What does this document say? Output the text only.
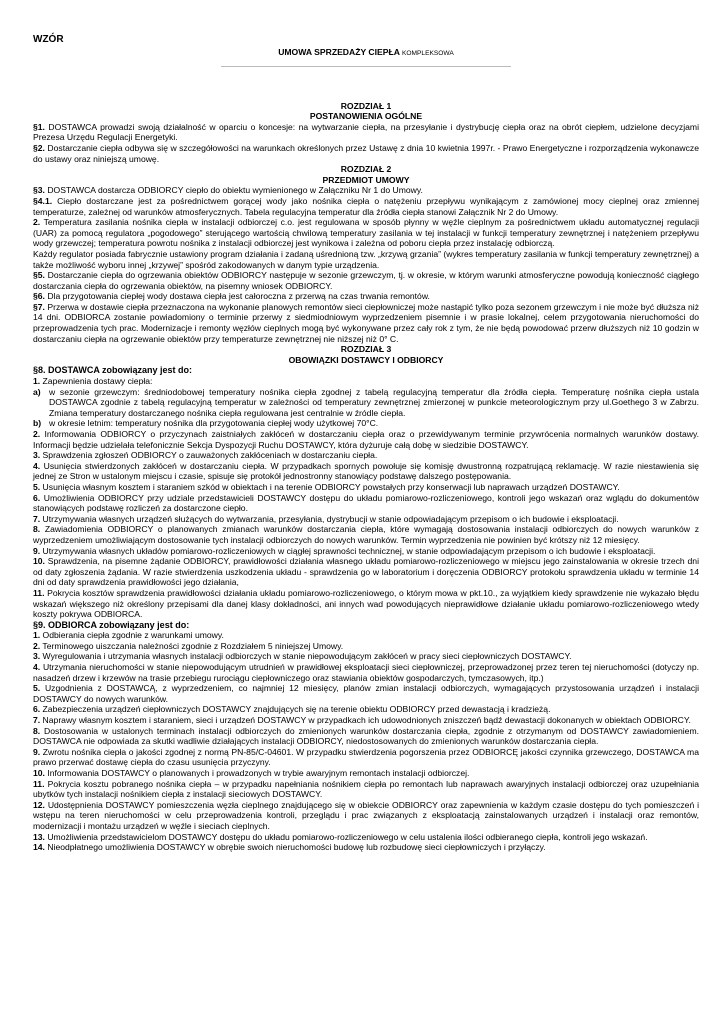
WZÓR
UMOWA SPRZEDAŻY CIEPŁA KOMPLEKSOWA
ROZDZIAŁ 1
POSTANOWIENIA OGÓLNE

§1. DOSTAWCA prowadzi swoją działalność w oparciu o koncesje: na wytwarzanie ciepła, na przesyłanie i dystrybucję ciepła oraz na obrót ciepłem, udzielone decyzjami Prezesa Urzędu Regulacji Energetyki.

§2. Dostarczanie ciepła odbywa się w szczegółowości na warunkach określonych przez Ustawę z dnia 10 kwietnia 1997r. - Prawo Energetyczne i rozporządzenia wykonawcze do ustawy oraz niniejszą umowę.

ROZDZIAŁ 2
PRZEDMIOT UMOWY

§3. DOSTAWCA dostarcza ODBIORCY ciepło do obiektu wymienionego w Załączniku Nr 1 do Umowy.

§4.1. Ciepło dostarczane jest za pośrednictwem gorącej wody jako nośnika ciepła o natężeniu przepływu wynikającym z zamówionej mocy cieplnej oraz zmiennej temperaturze, zależnej od warunków atmosferycznych. Tabela regulacyjna temperatur dla źródła ciepła stanowi Załącznik Nr 2 do Umowy.

2. Temperatura zasilania nośnika ciepła w instalacji odbiorczej c.o. jest regulowana w sposób płynny w węźle cieplnym za pośrednictwem układu automatycznej regulacji (UAR) za pomocą regulatora „pogodowego” sterującego wartością chwilową temperatury zasilania w tej instalacji w funkcji temperatury zewnętrznej i natężeniem przepływu wody grzewczej; temperatura powrotu nośnika z instalacji odbiorczej jest wynikowa i zależna od poboru ciepła przez instalację odbiorczą.

Każdy regulator posiada fabrycznie ustawiony program działania i zadaną uśrednioną tzw. „krzywą grzania” (wykres temperatury zasilania w funkcji temperatury zewnętrznej) a także możliwość wyboru innej „krzywej” spośród zakodowanych w danym typie urządzenia.

§5. Dostarczanie ciepła do ogrzewania obiektów ODBIORCY następuje w sezonie grzewczym, tj. w okresie, w którym warunki atmosferyczne powodują konieczność ciągłego dostarczania ciepła do ogrzewania obiektów, na pisemny wniosek ODBIORCY.

§6. Dla przygotowania ciepłej wody dostawa ciepła jest całoroczna z przerwą na czas trwania remontów.

§7. Przerwa w dostawie ciepła przeznaczona na wykonanie planowych remontów sieci ciepłowniczej może nastąpić tylko poza sezonem grzewczym i nie może być dłuższa niż 14 dni. ODBIORCA zostanie powiadomiony o terminie przerwy z siedmiodniowym wyprzedzeniem pisemnie i w prasie lokalnej, celem przygotowania nieruchomości do przeprowadzenia tych prac. Modernizacje i remonty węzłów cieplnych mogą być wykonywane przez cały rok z tym, że nie będą powodować przerw dłuższych niż 10 godzin w dostarczaniu ciepła na ogrzewanie obiektów przy temperaturze zewnętrznej nie niższej niż 0° C.

ROZDZIAŁ 3
OBOWIĄZKI DOSTAWCY I ODBIORCY

§8. DOSTAWCA zobowiązany jest do:

1. Zapewnienia dostawy ciepła:

a) w sezonie grzewczym: średniodobowej temperatury nośnika ciepła zgodnej z tabelą regulacyjną temperatur dla źródła ciepła. Temperaturę nośnika ciepła ustala DOSTAWCA zgodnie z tabelą regulacyjną temperatur w zależności od temperatury zewnętrznej zmierzonej w punkcie meteorologicznym przy ul.Goethego 3 w Zabrzu. Zmiana temperatury dostarczanego nośnika ciepła regulowana jest centralnie w źródle ciepła.
b) w okresie letnim: temperatury nośnika dla przygotowania ciepłej wody użytkowej 70°C.

2. Informowania ODBIORCY o przyczynach zaistniałych zakłóceń w dostarczaniu ciepła oraz o przewidywanym terminie przywrócenia normalnych warunków dostawy. Informacji będzie udzielała telefonicznie Sekcja Dyspozycji Ruchu DOSTAWCY, która dyżuruje całą dobę w siedzibie DOSTAWCY.

3. Sprawdzenia zgłoszeń ODBIORCY o zauważonych zakłóceniach w dostarczaniu ciepła.

4. Usunięcia stwierdzonych zakłóceń w dostarczaniu ciepła. W przypadkach spornych powołuje się komisję dwustronną rozpatrującą reklamację. W razie niestawienia się jednej ze Stron w ustalonym miejscu i czasie, spisuje się protokół jednostronny stanowiący podstawę dalszego postępowania.

5. Usunięcia własnym kosztem i staraniem szkód w obiektach i na terenie ODBIORCY powstałych przy konserwacji lub naprawach urządzeń DOSTAWCY.

6. Umożliwienia ODBIORCY przy udziale przedstawicieli DOSTAWCY dostępu do układu pomiarowo-rozliczeniowego, kontroli jego wskazań oraz wglądu do dokumentów stanowiących podstawę rozliczeń za dostarczone ciepło.

7. Utrzymywania własnych urządzeń służących do wytwarzania, przesyłania, dystrybucji w stanie odpowiadającym przepisom o ich budowie i eksploatacji.

8. Zawiadomienia ODBIORCY o planowanych zmianach warunków dostarczania ciepła, które wymagają dostosowania instalacji odbiorczych do nowych warunków z wyprzedzeniem umożliwiającym dostosowanie tych instalacji odbiorczych do nowych warunków. Termin wyprzedzenia nie powinien być krótszy niż 12 miesięcy.

9. Utrzymywania własnych układów pomiarowo-rozliczeniowych w ciągłej sprawności technicznej, w stanie odpowiadającym przepisom o ich budowie i eksploatacji.

10. Sprawdzenia, na pisemne żądanie ODBIORCY, prawidłowości działania własnego układu pomiarowo-rozliczeniowego w miejscu jego zainstalowania w okresie trzech dni od daty zgłoszenia żądania. W razie stwierdzenia uszkodzenia układu - sprawdzenia go w laboratorium i doręczenia ODBIORCY protokołu sprawdzenia układu w terminie 14 dni od daty sprawdzenia prawidłowości jego działania,

11. Pokrycia kosztów sprawdzenia prawidłowości działania układu pomiarowo-rozliczeniowego, o którym mowa w pkt.10., za wyjątkiem kiedy sprawdzenie nie wykazało błędu wskazań większego niż określony przepisami dla danej klasy dokładności, ani innych wad powodujących nieprawidłowe działanie układu pomiarowo-rozliczeniowego wtedy koszty pokrywa ODBIORCA.

§9. ODBIORCA zobowiązany jest do:

1. Odbierania ciepła zgodnie z warunkami umowy.

2. Terminowego uiszczania należności zgodnie z Rozdziałem 5 niniejszej Umowy.

3. Wyregulowania i utrzymania własnych instalacji odbiorczych w stanie niepowodującym zakłóceń w pracy sieci ciepłowniczych DOSTAWCY.

4. Utrzymania nieruchomości w stanie niepowodującym utrudnień w prawidłowej eksploatacji sieci ciepłowniczej, przeprowadzonej przez teren tej nieruchomości (dotyczy np. nasadzeń drzew i krzewów na trasie przebiegu rurociągu ciepłowniczego oraz stawiania obiektów gospodarczych, tymczasowych, itp.)

5. Uzgodnienia z DOSTAWCĄ, z wyprzedzeniem, co najmniej 12 miesięcy, planów zmian instalacji odbiorczych, wymagających przystosowania urządzeń i instalacji DOSTAWCY do nowych warunków.

6. Zabezpieczenia urządzeń ciepłowniczych DOSTAWCY znajdujących się na terenie obiektu ODBIORCY przed dewastacją i kradzieżą.

7. Naprawy własnym kosztem i staraniem, sieci i urządzeń DOSTAWCY w przypadkach ich udowodnionych zniszczeń bądź dewastacji dokonanych w obiektach ODBIORCY.

8. Dostosowania w ustalonych terminach instalacji odbiorczych do zmienionych warunków dostarczania ciepła, zgodnie z otrzymanym od DOSTAWCY zawiadomieniem. DOSTAWCA nie odpowiada za skutki wadliwie działających instalacji ODBIORCY, niedostosowanych do zmienionych warunków dostarczania ciepła.

9. Zwrotu nośnika ciepła o jakości zgodnej z normą PN-85/C-04601. W przypadku stwierdzenia pogorszenia przez ODBIORCĘ jakości czynnika grzewczego, DOSTAWCA ma prawo przerwać dostawę ciepła do czasu usunięcia przyczyny.

10. Informowania DOSTAWCY o planowanych i prowadzonych w trybie awaryjnym remontach instalacji odbiorczej.

11. Pokrycia kosztu pobranego nośnika ciepła – w przypadku napełniania nośnikiem ciepła po remontach lub naprawach awaryjnych instalacji odbiorczej oraz uzupełniania ubytków tych instalacji nośnikiem ciepła z instalacji sieciowych DOSTAWCY.

12. Udostępnienia DOSTAWCY pomieszczenia węzła cieplnego znajdującego się w obiekcie ODBIORCY oraz zapewnienia w każdym czasie dostępu do tych pomieszczeń i wstępu na teren nieruchomości w celu przeprowadzenia kontroli, przeglądu i prac związanych z eksploatacją zainstalowanych urządzeń i instalacji oraz remontów, modernizacji i montażu urządzeń w węźle i sieciach cieplnych.

13. Umożliwienia przedstawicielom DOSTAWCY dostępu do układu pomiarowo-rozliczeniowego w celu ustalenia ilości odbieranego ciepła, kontroli jego wskazań.

14. Nieodpłatnego umożliwienia DOSTAWCY w obrębie swoich nieruchomości budowę lub rozbudowę sieci ciepłowniczych i przyłączy.
